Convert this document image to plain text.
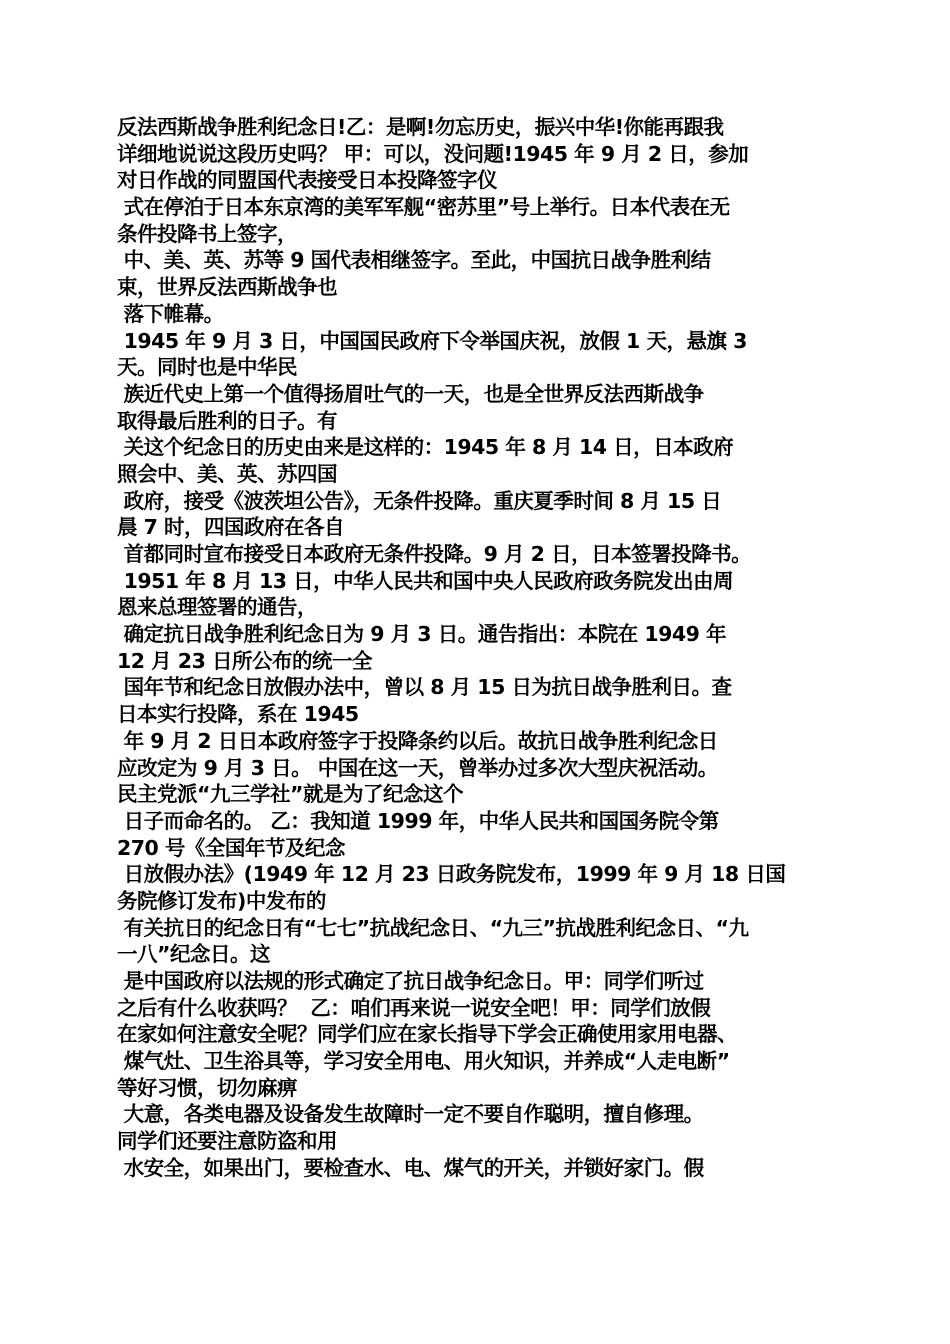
反法西斯战争胜利纪念日!乙：是啊!勿忘历史，振兴中华!你能再跟我
详细地说说这段历史吗？ 甲：可以，没问题!1945 年 9 月 2 日，参加
对日作战的同盟国代表接受日本投降签字仪
式在停泊于日本东京湾的美军军舰“密苏里”号上举行。日本代表在无
条件投降书上签字，
中、美、英、苏等 9 国代表相继签字。至此，中国抗日战争胜利结
束，世界反法西斯战争也
落下帷幕。
1945 年 9 月 3 日，中国国民政府下令举国庆祝，放假 1 天，悬旗 3
天。同时也是中华民
族近代史上第一个值得扬眉吐气的一天，也是全世界反法西斯战争
取得最后胜利的日子。有
关这个纪念日的历史由来是这样的：1945 年 8 月 14 日，日本政府
照会中、美、英、苏四国
政府，接受《波茨坦公告》，无条件投降。重庆夏季时间 8 月 15 日
晨 7 时，四国政府在各自
首都同时宣布接受日本政府无条件投降。9 月 2 日，日本签署投降书。
1951 年 8 月 13 日，中华人民共和国中央人民政府政务院发出由周
恩来总理签署的通告，
确定抗日战争胜利纪念日为 9 月 3 日。通告指出：本院在 1949 年
12 月 23 日所公布的统一全
国年节和纪念日放假办法中，曾以 8 月 15 日为抗日战争胜利日。查
日本实行投降，系在 1945
年 9 月 2 日日本政府签字于投降条约以后。故抗日战争胜利纪念日
应改定为 9 月 3 日。 中国在这一天，曾举办过多次大型庆祝活动。
民主党派“九三学社”就是为了纪念这个
日子而命名的。 乙：我知道 1999 年，中华人民共和国国务院令第
270 号《全国年节及纪念
日放假办法》(1949 年 12 月 23 日政务院发布，1999 年 9 月 18 日国
务院修订发布)中发布的
有关抗日的纪念日有“七七”抗战纪念日、“九三”抗战胜利纪念日、“九
一八”纪念日。这
是中国政府以法规的形式确定了抗日战争纪念日。甲：同学们听过
之后有什么收获吗？  乙：咱们再来说一说安全吧！甲：同学们放假
在家如何注意安全呢？同学们应在家长指导下学会正确使用家用电器、
煤气灶、卫生浴具等，学习安全用电、用火知识，并养成“人走电断”
等好习惯，切勿麻痹
大意，各类电器及设备发生故障时一定不要自作聪明，擅自修理。
同学们还要注意防盗和用
水安全，如果出门，要检查水、电、煤气的开关，并锁好家门。假
